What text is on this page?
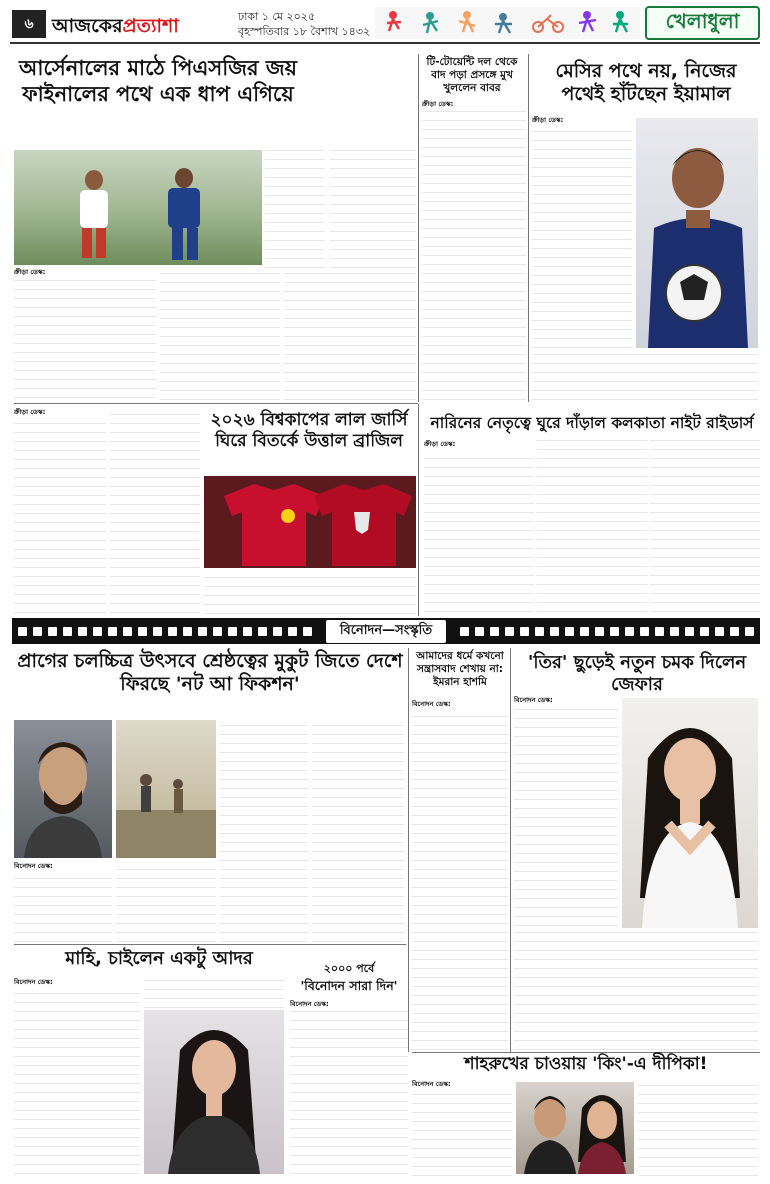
৬ আজকেরপ্রত্যাশা	ঢাকা ১ মে ২০২৫
বৃহস্পতিবার ১৮ বৈশাখ ১৪৩২	খেলাধুলা
আর্সেনালের মাঠে পিএসজির জয় ফাইনালের পথে এক ধাপ এগিয়ে
ক্রীড়া ডেস্ক:
টি-টোয়েন্টি দল থেকে বাদ পড়া প্রসঙ্গে মুখ খুললেন বাবর
ক্রীড়া ডেস্ক:
মেসির পথে নয়, নিজের পথেই হাঁটছেন ইয়ামাল
ক্রীড়া ডেস্ক:
২০২৬ বিশ্বকাপের লাল জার্সি ঘিরে বিতর্কে উত্তাল ব্রাজিল
ক্রীড়া ডেস্ক:
নারিনের নেতৃত্বে ঘুরে দাঁড়াল কলকাতা নাইট রাইডার্স
ক্রীড়া ডেস্ক:
বিনোদন—সংস্কৃতি
প্রাগের চলচ্চিত্র উৎসবে শ্রেষ্ঠত্বের মুকুট জিতে দেশে ফিরছে 'নট আ ফিকশন'
বিনোদন ডেস্ক:
মাহি, চাইলেন একটু আদর
বিনোদন ডেস্ক:
২০০০ পর্বে
'বিনোদন সারা দিন'
বিনোদন ডেস্ক:
আমাদের ধর্মে কখনো সন্ত্রাসবাদ শেখায় না: ইমরান হাশমি
বিনোদন ডেস্ক:
'তির' ছুড়েই নতুন চমক দিলেন জেফার
বিনোদন ডেস্ক:
শাহরুখের চাওয়ায় 'কিং'-এ দীপিকা!
বিনোদন ডেস্ক:
